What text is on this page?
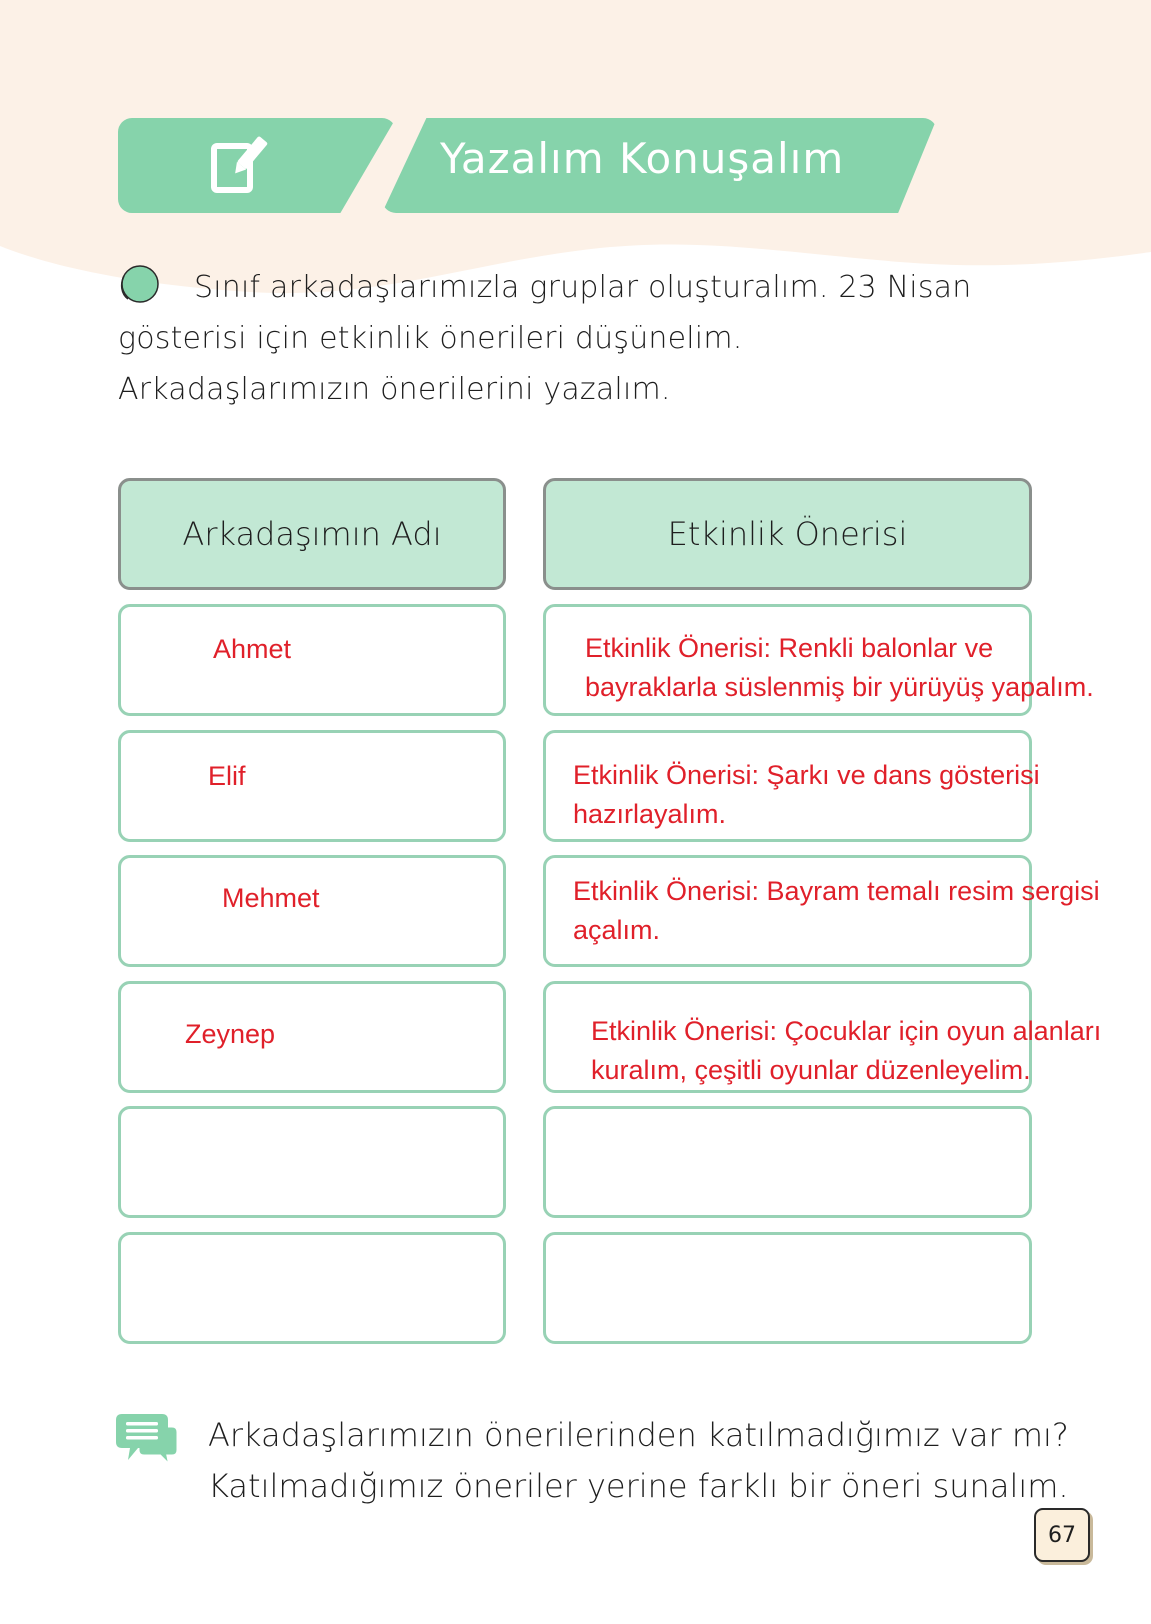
Yazalım Konuşalım
Sınıf arkadaşlarımızla gruplar oluşturalım. 23 Nisan gösterisi için etkinlik önerileri düşünelim. Arkadaşlarımızın önerilerini yazalım.
Arkadaşımın Adı	Etkinlik Önerisi
Ahmet
Elif
Mehmet
Zeynep
Etkinlik Önerisi: Renkli balonlar ve
bayraklarla süslenmiş bir yürüyüş yapalım.
Etkinlik Önerisi: Şarkı ve dans gösterisi
hazırlayalım.
Etkinlik Önerisi: Bayram temalı resim sergisi
açalım.
Etkinlik Önerisi: Çocuklar için oyun alanları
kuralım, çeşitli oyunlar düzenleyelim.
Arkadaşlarımızın önerilerinden katılmadığımız var mı?
Katılmadığımız öneriler yerine farklı bir öneri sunalım.
67
